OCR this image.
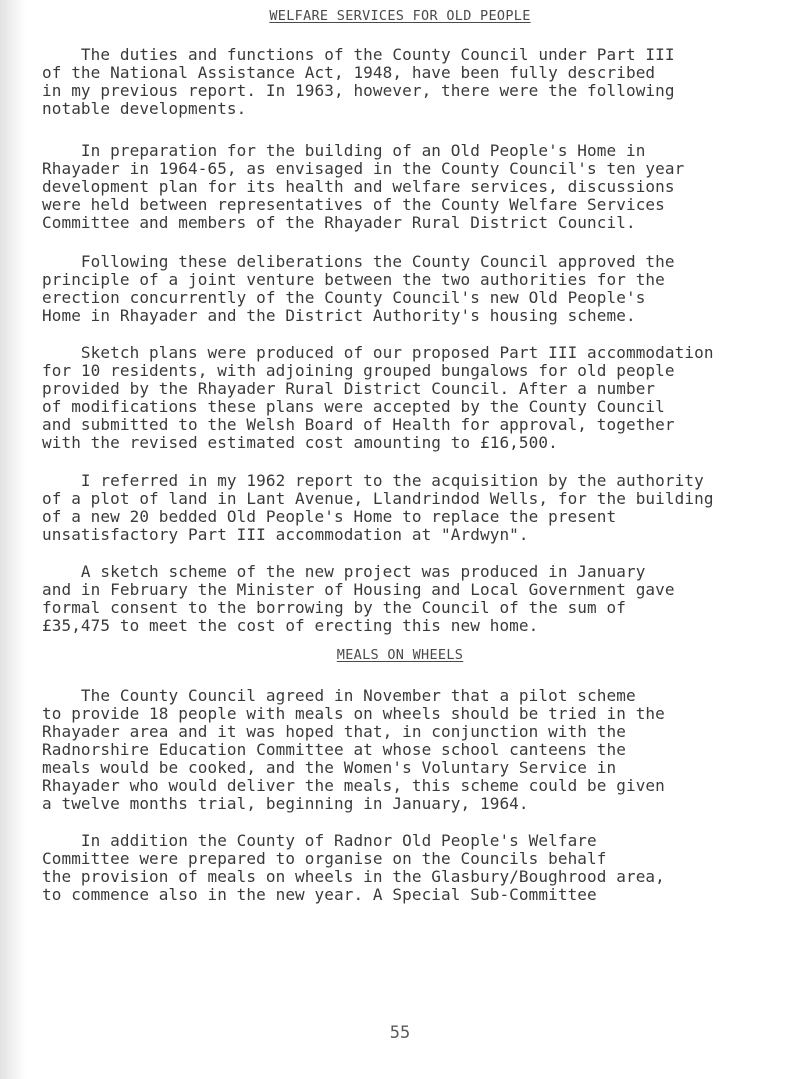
WELFARE SERVICES FOR OLD PEOPLE
The duties and functions of the County Council under Part III
of the National Assistance Act, 1948, have been fully described
in my previous report. In 1963, however, there were the following
notable developments.
In preparation for the building of an Old People's Home in
Rhayader in 1964-65, as envisaged in the County Council's ten year
development plan for its health and welfare services, discussions
were held between representatives of the County Welfare Services
Committee and members of the Rhayader Rural District Council.
Following these deliberations the County Council approved the
principle of a joint venture between the two authorities for the
erection concurrently of the County Council's new Old People's
Home in Rhayader and the District Authority's housing scheme.
Sketch plans were produced of our proposed Part III accommodation
for 10 residents, with adjoining grouped bungalows for old people
provided by the Rhayader Rural District Council. After a number
of modifications these plans were accepted by the County Council
and submitted to the Welsh Board of Health for approval, together
with the revised estimated cost amounting to £16,500.
I referred in my 1962 report to the acquisition by the authority
of a plot of land in Lant Avenue, Llandrindod Wells, for the building
of a new 20 bedded Old People's Home to replace the present
unsatisfactory Part III accommodation at "Ardwyn".
A sketch scheme of the new project was produced in January
and in February the Minister of Housing and Local Government gave
formal consent to the borrowing by the Council of the sum of
£35,475 to meet the cost of erecting this new home.
MEALS ON WHEELS
The County Council agreed in November that a pilot scheme
to provide 18 people with meals on wheels should be tried in the
Rhayader area and it was hoped that, in conjunction with the
Radnorshire Education Committee at whose school canteens the
meals would be cooked, and the Women's Voluntary Service in
Rhayader who would deliver the meals, this scheme could be given
a twelve months trial, beginning in January, 1964.
In addition the County of Radnor Old People's Welfare
Committee were prepared to organise on the Councils behalf
the provision of meals on wheels in the Glasbury/Boughrood area,
to commence also in the new year. A Special Sub-Committee
55
